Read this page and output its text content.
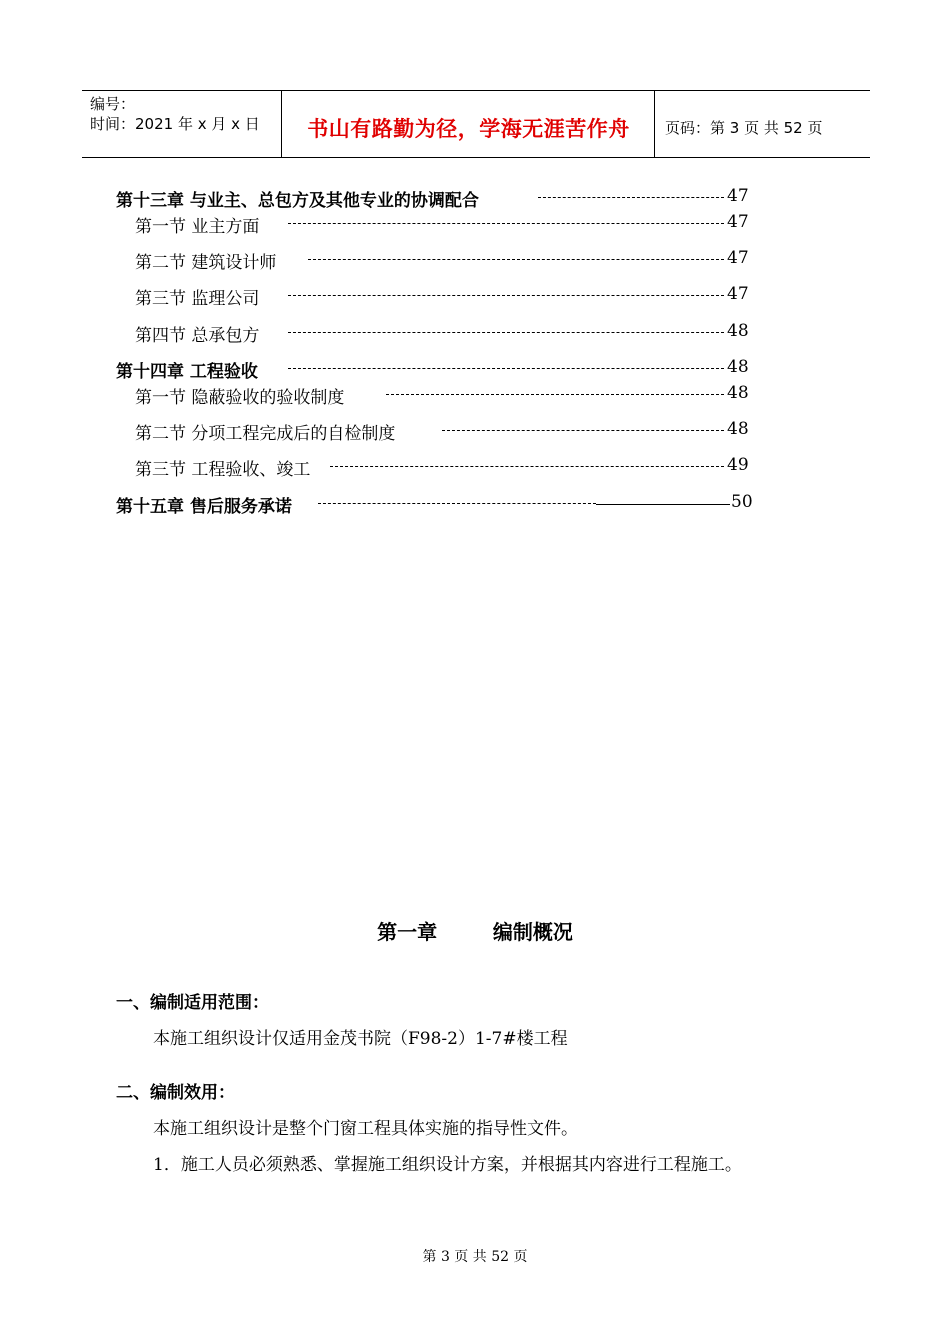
编号：
时间：2021 年 x 月 x 日	书山有路勤为径，学海无涯苦作舟	页码：第 3 页 共 52 页
第十三章 与业主、总包方及其他专业的协调配合	47
第一节 业主方面	47
第二节 建筑设计师	47
第三节 监理公司	47
第四节 总承包方	48
第十四章 工程验收	48
第一节 隐蔽验收的验收制度	48
第二节 分项工程完成后的自检制度	48
第三节 工程验收、竣工	49
第十五章 售后服务承诺	50
第一章        编制概况
一、编制适用范围：
本施工组织设计仅适用金茂书院（F98-2）1-7#楼工程
二、编制效用：
本施工组织设计是整个门窗工程具体实施的指导性文件。
1．施工人员必须熟悉、掌握施工组织设计方案，并根据其内容进行工程施工。
第 3 页 共 52 页
